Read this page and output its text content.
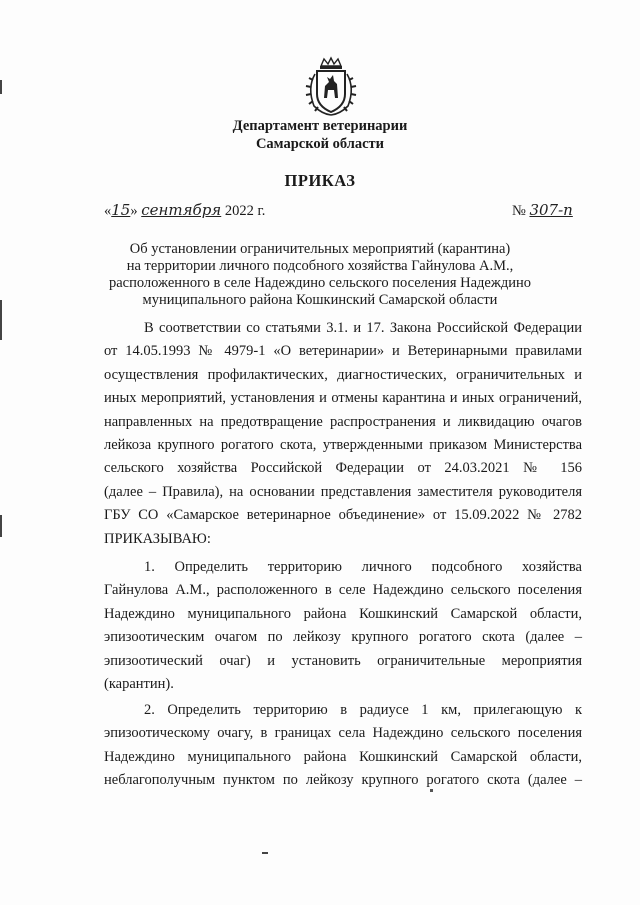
Департамент ветеринарии
Самарской области
ПРИКАЗ
«15» сентября 2022 г.	№ 307-п
Об установлении ограничительных мероприятий (карантина)
на территории личного подсобного хозяйства Гайнулова А.М.,
расположенного в селе Надеждино сельского поселения Надеждино
муниципального района Кошкинский Самарской области
В соответствии со статьями 3.1. и 17. Закона Российской Федерации
от 14.05.1993 № 4979-1 «О ветеринарии» и Ветеринарными правилами
осуществления профилактических, диагностических, ограничительных и
иных мероприятий, установления и отмены карантина и иных ограничений,
направленных на предотвращение распространения и ликвидацию очагов
лейкоза крупного рогатого скота, утвержденными приказом Министерства
сельского хозяйства Российской Федерации от 24.03.2021 № 156
(далее – Правила), на основании представления заместителя руководителя
ГБУ СО «Самарское ветеринарное объединение» от 15.09.2022 № 2782
ПРИКАЗЫВАЮ:
1. Определить территорию личного подсобного хозяйства
Гайнулова А.М., расположенного в селе Надеждино сельского поселения
Надеждино муниципального района Кошкинский Самарской области,
эпизоотическим очагом по лейкозу крупного рогатого скота (далее –
эпизоотический очаг) и установить ограничительные мероприятия
(карантин).
2. Определить территорию в радиусе 1 км, прилегающую к
эпизоотическому очагу, в границах села Надеждино сельского поселения
Надеждино муниципального района Кошкинский Самарской области,
неблагополучным пунктом по лейкозу крупного рогатого скота (далее –
